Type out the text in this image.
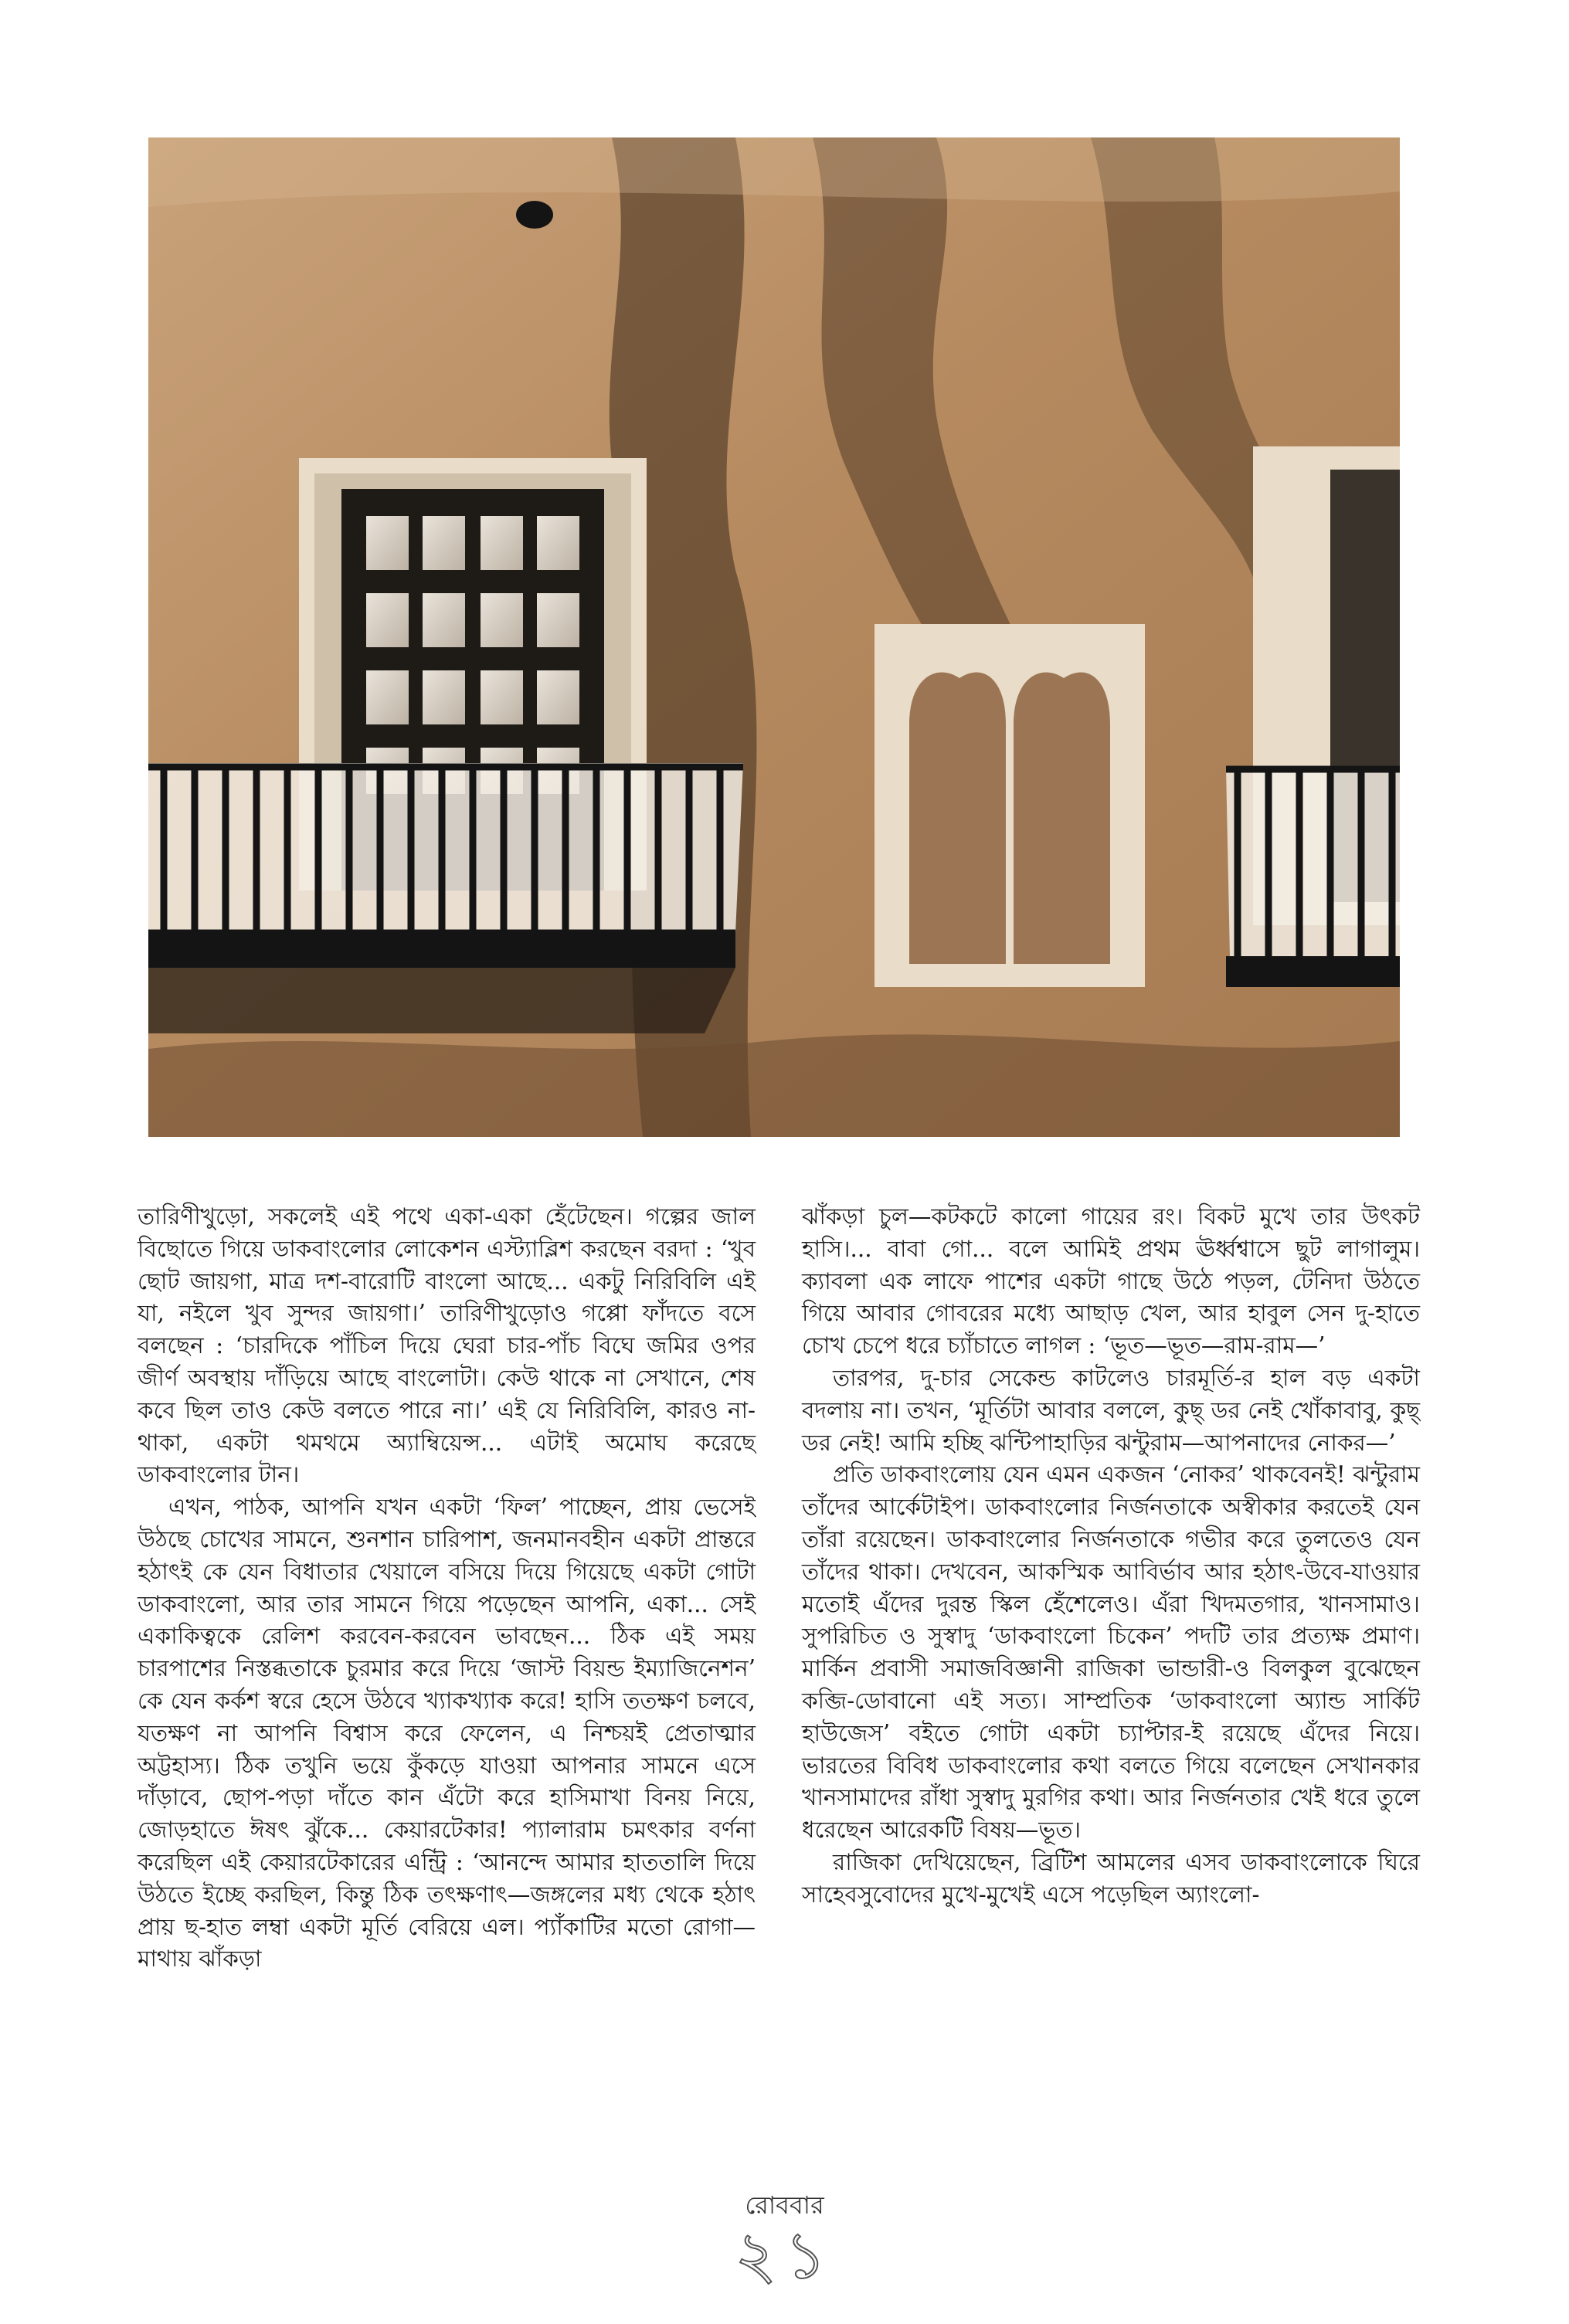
তারিণীখুড়ো, সকলেই এই পথে একা-একা হেঁটেছেন। গল্পের জাল বিছোতে গিয়ে ডাকবাংলোর লোকেশন এস্ট্যাব্লিশ করছেন বরদা : ‘খুব ছোট জায়গা, মাত্র দশ-বারোটি বাংলো আছে... একটু নিরিবিলি এই যা, নইলে খুব সুন্দর জায়গা।’ তারিণীখুড়োও গপ্পো ফাঁদতে বসে বলছেন : ‘চারদিকে পাঁচিল দিয়ে ঘেরা চার-পাঁচ বিঘে জমির ওপর জীর্ণ অবস্থায় দাঁড়িয়ে আছে বাংলোটা। কেউ থাকে না সেখানে, শেষ কবে ছিল তাও কেউ বলতে পারে না।’ এই যে নিরিবিলি, কারও না-থাকা, একটা থমথমে অ্যাম্বিয়েন্স... এটাই অমোঘ করেছে ডাকবাংলোর টান।

এখন, পাঠক, আপনি যখন একটা ‘ফিল’ পাচ্ছেন, প্রায় ভেসেই উঠছে চোখের সামনে, শুনশান চারিপাশ, জনমানবহীন একটা প্রান্তরে হঠাৎই কে যেন বিধাতার খেয়ালে বসিয়ে দিয়ে গিয়েছে একটা গোটা ডাকবাংলো, আর তার সামনে গিয়ে পড়েছেন আপনি, একা... সেই একাকিত্বকে রেলিশ করবেন-করবেন ভাবছেন... ঠিক এই সময় চারপাশের নিস্তব্ধতাকে চুরমার করে দিয়ে ‘জাস্ট বিয়ন্ড ইম্যাজিনেশন’ কে যেন কর্কশ স্বরে হেসে উঠবে খ্যাকখ্যাক করে! হাসি ততক্ষণ চলবে, যতক্ষণ না আপনি বিশ্বাস করে ফেলেন, এ নিশ্চয়ই প্রেতাত্মার অট্টহাস্য। ঠিক তখুনি ভয়ে কুঁকড়ে যাওয়া আপনার সামনে এসে দাঁড়াবে, ছোপ-পড়া দাঁতে কান এঁটো করে হাসিমাখা বিনয় নিয়ে, জোড়হাতে ঈষৎ ঝুঁকে... কেয়ারটেকার! প্যালারাম চমৎকার বর্ণনা করেছিল এই কেয়ারটেকারের এন্ট্রি : ‘আনন্দে আমার হাততালি দিয়ে উঠতে ইচ্ছে করছিল, কিন্তু ঠিক তৎক্ষণাৎ—জঙ্গলের মধ্য থেকে হঠাৎ প্রায় ছ-হাত লম্বা একটা মূর্তি বেরিয়ে এল। প্যাঁকাটির মতো রোগা—মাথায় ঝাঁকড়া

ঝাঁকড়া চুল—কটকটে কালো গায়ের রং। বিকট মুখে তার উৎকট হাসি।... বাবা গো... বলে আমিই প্রথম ঊর্ধ্বশ্বাসে ছুট লাগালুম। ক্যাবলা এক লাফে পাশের একটা গাছে উঠে পড়ল, টেনিদা উঠতে গিয়ে আবার গোবরের মধ্যে আছাড় খেল, আর হাবুল সেন দু-হাতে চোখ চেপে ধরে চ্যাঁচাতে লাগল : ‘ভূত—ভূত—রাম-রাম—’

তারপর, দু-চার সেকেন্ড কাটলেও চারমূর্তি-র হাল বড় একটা বদলায় না। তখন, ‘মূর্তিটা আবার বললে, কুছ্ ডর নেই খোঁকাবাবু, কুছ্ ডর নেই! আমি হচ্ছি ঝন্টিপাহাড়ির ঝন্টুরাম—আপনাদের নোকর—’

প্রতি ডাকবাংলোয় যেন এমন একজন ‘নোকর’ থাকবেনই! ঝন্টুরাম তাঁদের আর্কেটাইপ। ডাকবাংলোর নির্জনতাকে অস্বীকার করতেই যেন তাঁরা রয়েছেন। ডাকবাংলোর নির্জনতাকে গভীর করে তুলতেও যেন তাঁদের থাকা। দেখবেন, আকস্মিক আবির্ভাব আর হঠাৎ-উবে-যাওয়ার মতোই এঁদের দুরন্ত স্কিল হেঁশেলেও। এঁরা খিদমতগার, খানসামাও। সুপরিচিত ও সুস্বাদু ‘ডাকবাংলো চিকেন’ পদটি তার প্রত্যক্ষ প্রমাণ। মার্কিন প্রবাসী সমাজবিজ্ঞানী রাজিকা ভান্ডারী-ও বিলকুল বুঝেছেন কব্জি-ডোবানো এই সত্য। সাম্প্রতিক ‘ডাকবাংলো অ্যান্ড সার্কিট হাউজেস’ বইতে গোটা একটা চ্যাপ্টার-ই রয়েছে এঁদের নিয়ে। ভারতের বিবিধ ডাকবাংলোর কথা বলতে গিয়ে বলেছেন সেখানকার খানসামাদের রাঁধা সুস্বাদু মুরগির কথা। আর নির্জনতার খেই ধরে তুলে ধরেছেন আরেকটি বিষয়—ভূত।

রাজিকা দেখিয়েছেন, ব্রিটিশ আমলের এসব ডাকবাংলোকে ঘিরে সাহেবসুবোদের মুখে-মুখেই এসে পড়েছিল অ্যাংলো-

রোববার
২১
